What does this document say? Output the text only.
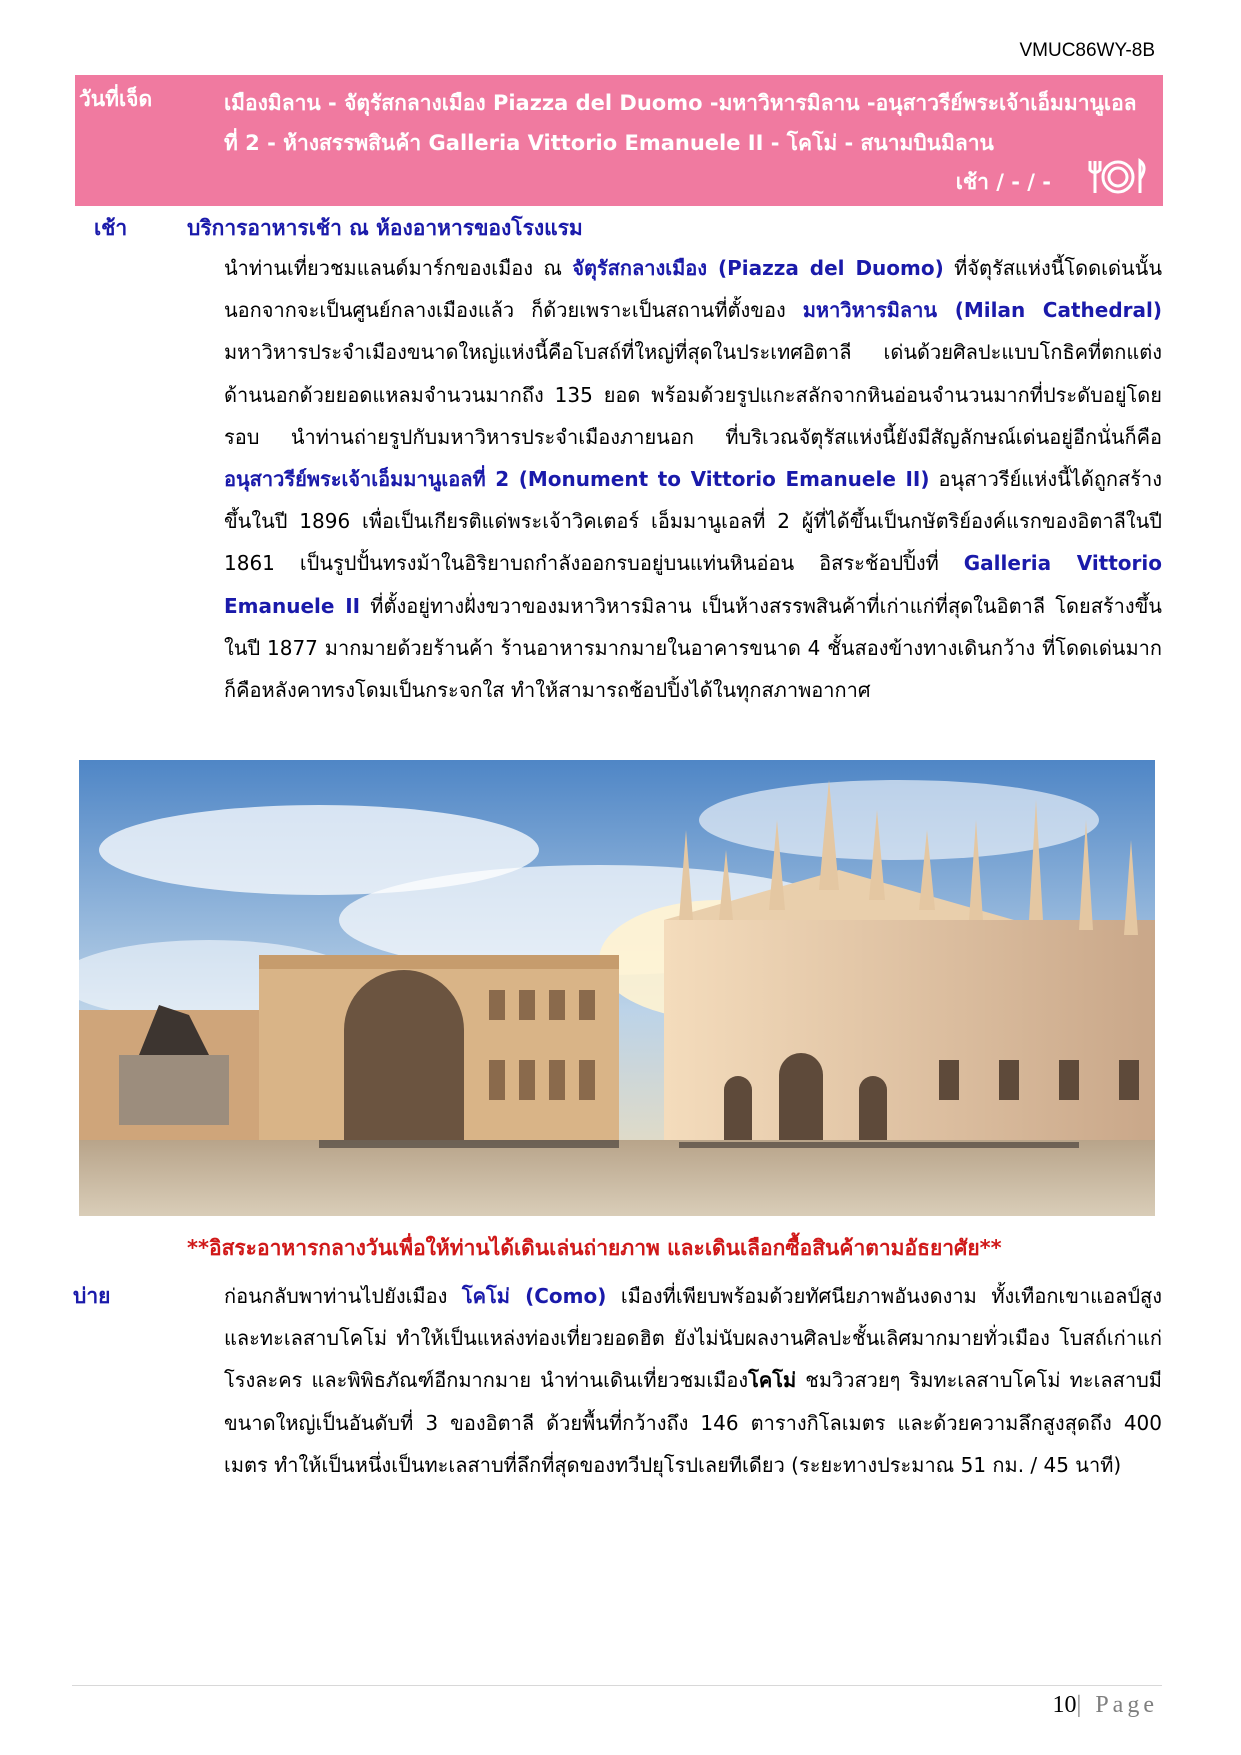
VMUC86WY-8B
วันที่เจ็ด	เมืองมิลาน - จัตุรัสกลางเมือง Piazza del Duomo -มหาวิหารมิลาน -อนุสาวรีย์พระเจ้าเอ็มมานูเอลที่ 2 - ห้างสรรพสินค้า Galleria Vittorio Emanuele II - โคโม่ - สนามบินมิลาน
เช้า / - / -
เช้า	บริการอาหารเช้า ณ ห้องอาหารของโรงแรม
นำท่านเที่ยวชมแลนด์มาร์กของเมือง ณ จัตุรัสกลางเมือง (Piazza del Duomo) ที่จัตุรัสแห่งนี้โดดเด่นนั้นนอกจากจะเป็นศูนย์กลางเมืองแล้ว ก็ด้วยเพราะเป็นสถานที่ตั้งของ มหาวิหารมิลาน (Milan Cathedral) มหาวิหารประจำเมืองขนาดใหญ่แห่งนี้คือโบสถ์ที่ใหญ่ที่สุดในประเทศอิตาลี เด่นด้วยศิลปะแบบโกธิคที่ตกแต่งด้านนอกด้วยยอดแหลมจำนวนมากถึง 135 ยอด พร้อมด้วยรูปแกะสลักจากหินอ่อนจำนวนมากที่ประดับอยู่โดยรอบ นำท่านถ่ายรูปกับมหาวิหารประจำเมืองภายนอก ที่บริเวณจัตุรัสแห่งนี้ยังมีสัญลักษณ์เด่นอยู่อีกนั่นก็คือ อนุสาวรีย์พระเจ้าเอ็มมานูเอลที่ 2 (Monument to Vittorio Emanuele II) อนุสาวรีย์แห่งนี้ได้ถูกสร้างขึ้นในปี 1896 เพื่อเป็นเกียรติแด่พระเจ้าวิคเตอร์ เอ็มมานูเอลที่ 2 ผู้ที่ได้ขึ้นเป็นกษัตริย์องค์แรกของอิตาลีในปี 1861 เป็นรูปปั้นทรงม้าในอิริยาบถกำลังออกรบอยู่บนแท่นหินอ่อน อิสระช้อปปิ้งที่ Galleria Vittorio Emanuele II ที่ตั้งอยู่ทางฝั่งขวาของมหาวิหารมิลาน เป็นห้างสรรพสินค้าที่เก่าแก่ที่สุดในอิตาลี โดยสร้างขึ้นในปี 1877 มากมายด้วยร้านค้า ร้านอาหารมากมายในอาคารขนาด 4 ชั้นสองข้างทางเดินกว้าง ที่โดดเด่นมากก็คือหลังคาทรงโดมเป็นกระจกใส ทำให้สามารถช้อปปิ้งได้ในทุกสภาพอากาศ
**อิสระอาหารกลางวันเพื่อให้ท่านได้เดินเล่นถ่ายภาพ และเดินเลือกซื้อสินค้าตามอัธยาศัย**
บ่าย	ก่อนกลับพาท่านไปยังเมือง โคโม่ (Como) เมืองที่เพียบพร้อมด้วยทัศนียภาพอันงดงาม ทั้งเทือกเขาแอลป์สูง และทะเลสาบโคโม่ ทำให้เป็นแหล่งท่องเที่ยวยอดฮิต ยังไม่นับผลงานศิลปะชั้นเลิศมากมายทั่วเมือง โบสถ์เก่าแก่ โรงละคร และพิพิธภัณฑ์อีกมากมาย นำท่านเดินเที่ยวชมเมืองโคโม่ ชมวิวสวยๆ ริมทะเลสาบโคโม่ ทะเลสาบมีขนาดใหญ่เป็นอันดับที่ 3 ของอิตาลี ด้วยพื้นที่กว้างถึง 146 ตารางกิโลเมตร และด้วยความลึกสูงสุดถึง 400 เมตร ทำให้เป็นหนึ่งเป็นทะเลสาบที่ลึกที่สุดของทวีปยุโรปเลยทีเดียว (ระยะทางประมาณ 51 กม. / 45 นาที)
10| Page
